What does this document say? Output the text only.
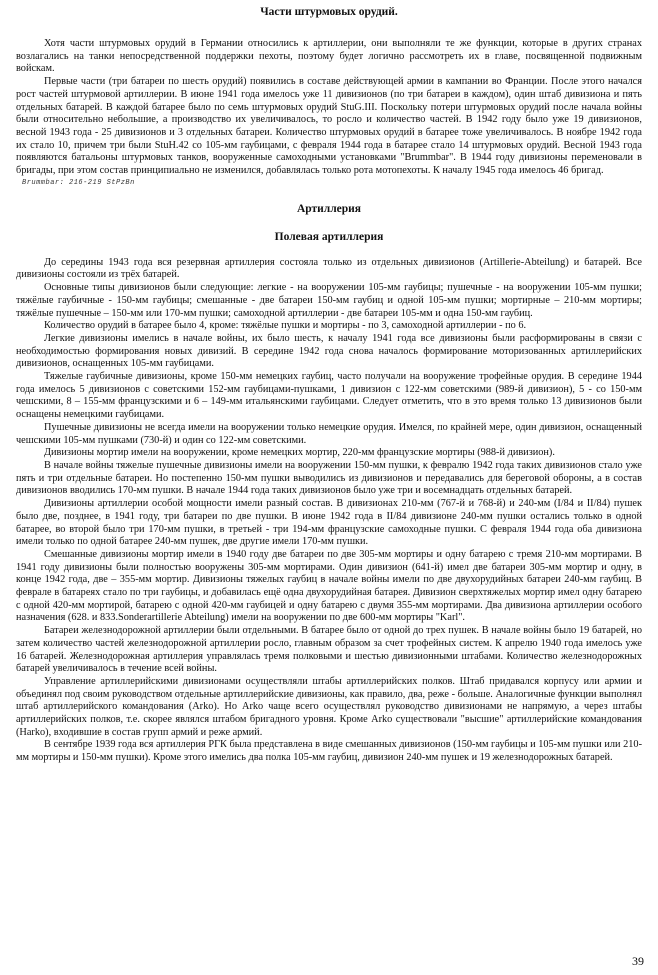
Части штурмовых орудий.

Хотя части штурмовых орудий в Германии относились к артиллерии, они выполняли те же функции, которые в других странах возлагались на танки непосредственной поддержки пехоты, поэтому будет логично рассмотреть их в главе, посвященной подвижным войскам.

Первые части (три батареи по шесть орудий) появились в составе действующей армии в кампании во Франции. После этого начался рост частей штурмовой артиллерии. В июне 1941 года имелось уже 11 дивизионов (по три батареи в каждом), один штаб дивизиона и пять отдельных батарей. В каждой батарее было по семь штурмовых орудий StuG.III. Поскольку потери штурмовых орудий после начала войны были относительно небольшие, а производство их увеличивалось, то росло и количество частей. В 1942 году было уже 19 дивизионов, весной 1943 года - 25 дивизионов и 3 отдельных батареи. Количество штурмовых орудий в батарее тоже увеличивалось. В ноябре 1942 года их стало 10, причем три были StuH.42 со 105-мм гаубицами, с февраля 1944 года в батарее стало 14 штурмовых орудий. Весной 1943 года появляются батальоны штурмовых танков, вооруженные самоходными установками "Brummbar". В 1944 году дивизионы переменовали в бригады, при этом состав принципиально не изменился, добавлялась только рота мотопехоты. К началу 1945 года имелось 46 бригад.

Brummbar: 216-219 StPzBn
Артиллерия
Полевая артиллерия

До середины 1943 года вся резервная артиллерия состояла только из отдельных дивизионов (Artillerie-Abteilung) и батарей. Все дивизионы состояли из трёх батарей.

Основные типы дивизионов были следующие: легкие - на вооружении 105-мм гаубицы; пушечные - на вооружении 105-мм пушки; тяжёлые гаубичные - 150-мм гаубицы; смешанные - две батареи 150-мм гаубиц и одной 105-мм пушки; мортирные – 210-мм мортиры; тяжёлые пушечные – 150-мм или 170-мм пушки; самоходной артиллерии - две батареи 105-мм и одна 150-мм гаубиц.

Количество орудий в батарее было 4, кроме: тяжёлые пушки и мортиры - по 3, самоходной артиллерии - по 6.

Легкие дивизионы имелись в начале войны, их было шесть, к началу 1941 года все дивизионы были расформированы в связи с необходимостью формирования новых дивизий. В середине 1942 года снова началось формирование моторизованных артиллерийских дивизионов, оснащенных 105-мм гаубицами.

Тяжелые гаубичные дивизионы, кроме 150-мм немецких гаубиц, часто получали на вооружение трофейные орудия. В середине 1944 года имелось 5 дивизионов с советскими 152-мм гаубицами-пушками, 1 дивизион с 122-мм советскими (989-й дивизион), 5 - со 150-мм чешскими, 8 – 155-мм французскими и 6 – 149-мм итальянскими гаубицами. Следует отметить, что в это время только 13 дивизионов были оснащены немецкими гаубицами.

Пушечные дивизионы не всегда имели на вооружении только немецкие орудия. Имелся, по крайней мере, один дивизион, оснащенный чешскими 105-мм пушками (730-й) и один со 122-мм советскими.

Дивизионы мортир имели на вооружении, кроме немецких мортир, 220-мм французские мортиры (988-й дивизион).

В начале войны тяжелые пушечные дивизионы имели на вооружении 150-мм пушки, к февралю 1942 года таких дивизионов стало уже пять и три отдельные батареи. Но постепенно 150-мм пушки выводились из дивизионов и передавались для береговой обороны, а в состав дивизионов вводились 170-мм пушки. В начале 1944 года таких дивизионов было уже три и восемнадцать отдельных батарей.

Дивизионы артиллерии особой мощности имели разный состав. В дивизионах 210-мм (767-й и 768-й) и 240-мм (I/84 и II/84) пушек было две, позднее, в 1941 году, три батареи по две пушки. В июне 1942 года в II/84 дивизионе 240-мм пушки остались только в одной батарее, во второй было три 170-мм пушки, в третьей - три 194-мм французские самоходные пушки. С февраля 1944 года оба дивизиона имели только по одной батарее 240-мм пушек, две другие имели 170-мм пушки.

Смешанные дивизионы мортир имели в 1940 году две батареи по две 305-мм мортиры и одну батарею с тремя 210-мм мортирами. В 1941 году дивизионы были полностью вооружены 305-мм мортирами. Один дивизион (641-й) имел две батареи 305-мм мортир и одну, в конце 1942 года, две – 355-мм мортир. Дивизионы тяжелых гаубиц в начале войны имели по две двухорудийных батареи 240-мм гаубиц. В феврале в батареях стало по три гаубицы, и добавилась ещё одна двухорудийная батарея. Дивизион сверхтяжелых мортир имел одну батарею с одной 420-мм мортирой, батарею с одной 420-мм гаубицей и одну батарею с двумя 355-мм мортирами. Два дивизиона артиллерии особого назначения (628. и 833.Sonderartillerie Abteilung) имели на вооружении по две 600-мм мортиры "Karl".

Батареи железнодорожной артиллерии были отдельными. В батарее было от одной до трех пушек. В начале войны было 19 батарей, но затем количество частей железнодорожной артиллерии росло, главным образом за счет трофейных систем. К апрелю 1940 года имелось уже 16 батарей. Железнодорожная артиллерия управлялась тремя полковыми и шестью дивизионными штабами. Количество железнодорожных батарей увеличивалось в течение всей войны.

Управление артиллерийскими дивизионами осуществляли штабы артиллерийских полков. Штаб придавался корпусу или армии и объединял под своим руководством отдельные артиллерийские дивизионы, как правило, два, реже - больше. Аналогичные функции выполнял штаб артиллерийского командования (Arko). Но Arko чаще всего осуществлял руководство дивизионами не напрямую, а через штабы артиллерийских полков, т.е. скорее являлся штабом бригадного уровня. Кроме Arko существовали "высшие" артиллерийские командования (Harko), входившие в состав групп армий и реже армий.

В сентябре 1939 года вся артиллерия РГК была представлена в виде смешанных дивизионов (150-мм гаубицы и 105-мм пушки или 210-мм мортиры и 150-мм пушки). Кроме этого имелись два полка 105-мм гаубиц, дивизион 240-мм пушек и 19 железнодорожных батарей.

39
